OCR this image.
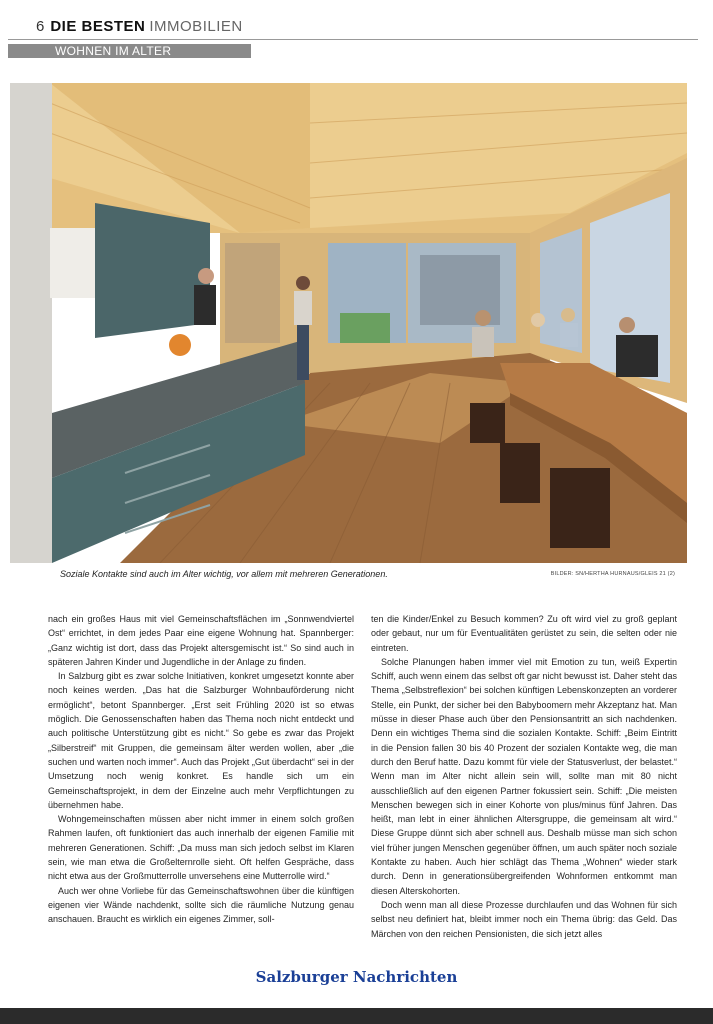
6 DIE BESTEN IMMOBILIEN
WOHNEN IM ALTER
Soziale Kontakte sind auch im Alter wichtig, vor allem mit mehreren Generationen.	BILDER: SN/HERTHA HURNAUS/GLEIS 21 (2)

nach ein großes Haus mit viel Gemeinschaftsflächen im „Sonnwendviertel Ost“ errichtet, in dem jedes Paar eine eigene Wohnung hat. Spannberger: „Ganz wichtig ist dort, dass das Projekt altersgemischt ist.“ So sind auch in späteren Jahren Kinder und Jugendliche in der Anlage zu finden.

In Salzburg gibt es zwar solche Initiativen, konkret umgesetzt konnte aber noch keines werden. „Das hat die Salzburger Wohnbauförderung nicht ermöglicht“, betont Spannberger. „Erst seit Frühling 2020 ist so etwas möglich. Die Genossenschaften haben das Thema noch nicht entdeckt und auch politische Unterstützung gibt es nicht.“ So gebe es zwar das Projekt „Silberstreif“ mit Gruppen, die gemeinsam älter werden wollen, aber „die suchen und warten noch immer“. Auch das Projekt „Gut überdacht“ sei in der Umsetzung noch wenig konkret. Es handle sich um ein Gemeinschaftsprojekt, in dem der Einzelne auch mehr Verpflichtungen zu übernehmen habe.

Wohngemeinschaften müssen aber nicht immer in einem solch großen Rahmen laufen, oft funktioniert das auch innerhalb der eigenen Familie mit mehreren Generationen. Schiff: „Da muss man sich jedoch selbst im Klaren sein, wie man etwa die Großelternrolle sieht. Oft helfen Gespräche, dass nicht etwa aus der Großmutterrolle unversehens eine Mutterrolle wird.“

Auch wer ohne Vorliebe für das Gemeinschaftswohnen über die künftigen eigenen vier Wände nachdenkt, sollte sich die räumliche Nutzung genau anschauen. Braucht es wirklich ein eigenes Zimmer, soll-

ten die Kinder/Enkel zu Besuch kommen? Zu oft wird viel zu groß geplant oder gebaut, nur um für Eventualitäten gerüstet zu sein, die selten oder nie eintreten.

Solche Planungen haben immer viel mit Emotion zu tun, weiß Expertin Schiff, auch wenn einem das selbst oft gar nicht bewusst ist. Daher steht das Thema „Selbstreflexion“ bei solchen künftigen Lebenskonzepten an vorderer Stelle, ein Punkt, der sicher bei den Babyboomern mehr Akzeptanz hat. Man müsse in dieser Phase auch über den Pensionsantritt an sich nachdenken. Denn ein wichtiges Thema sind die sozialen Kontakte. Schiff: „Beim Eintritt in die Pension fallen 30 bis 40 Prozent der sozialen Kontakte weg, die man durch den Beruf hatte. Dazu kommt für viele der Statusverlust, der belastet.“ Wenn man im Alter nicht allein sein will, sollte man mit 80 nicht ausschließlich auf den eigenen Partner fokussiert sein. Schiff: „Die meisten Menschen bewegen sich in einer Kohorte von plus/minus fünf Jahren. Das heißt, man lebt in einer ähnlichen Altersgruppe, die gemeinsam alt wird.“ Diese Gruppe dünnt sich aber schnell aus. Deshalb müsse man sich schon viel früher jungen Menschen gegenüber öffnen, um auch später noch soziale Kontakte zu haben. Auch hier schlägt das Thema „Wohnen“ wieder stark durch. Denn in generationsübergreifenden Wohnformen entkommt man diesen Alterskohorten.

Doch wenn man all diese Prozesse durchlaufen und das Wohnen für sich selbst neu definiert hat, bleibt immer noch ein Thema übrig: das Geld. Das Märchen von den reichen Pensionisten, die sich jetzt alles

Salzburger Nachrichten
